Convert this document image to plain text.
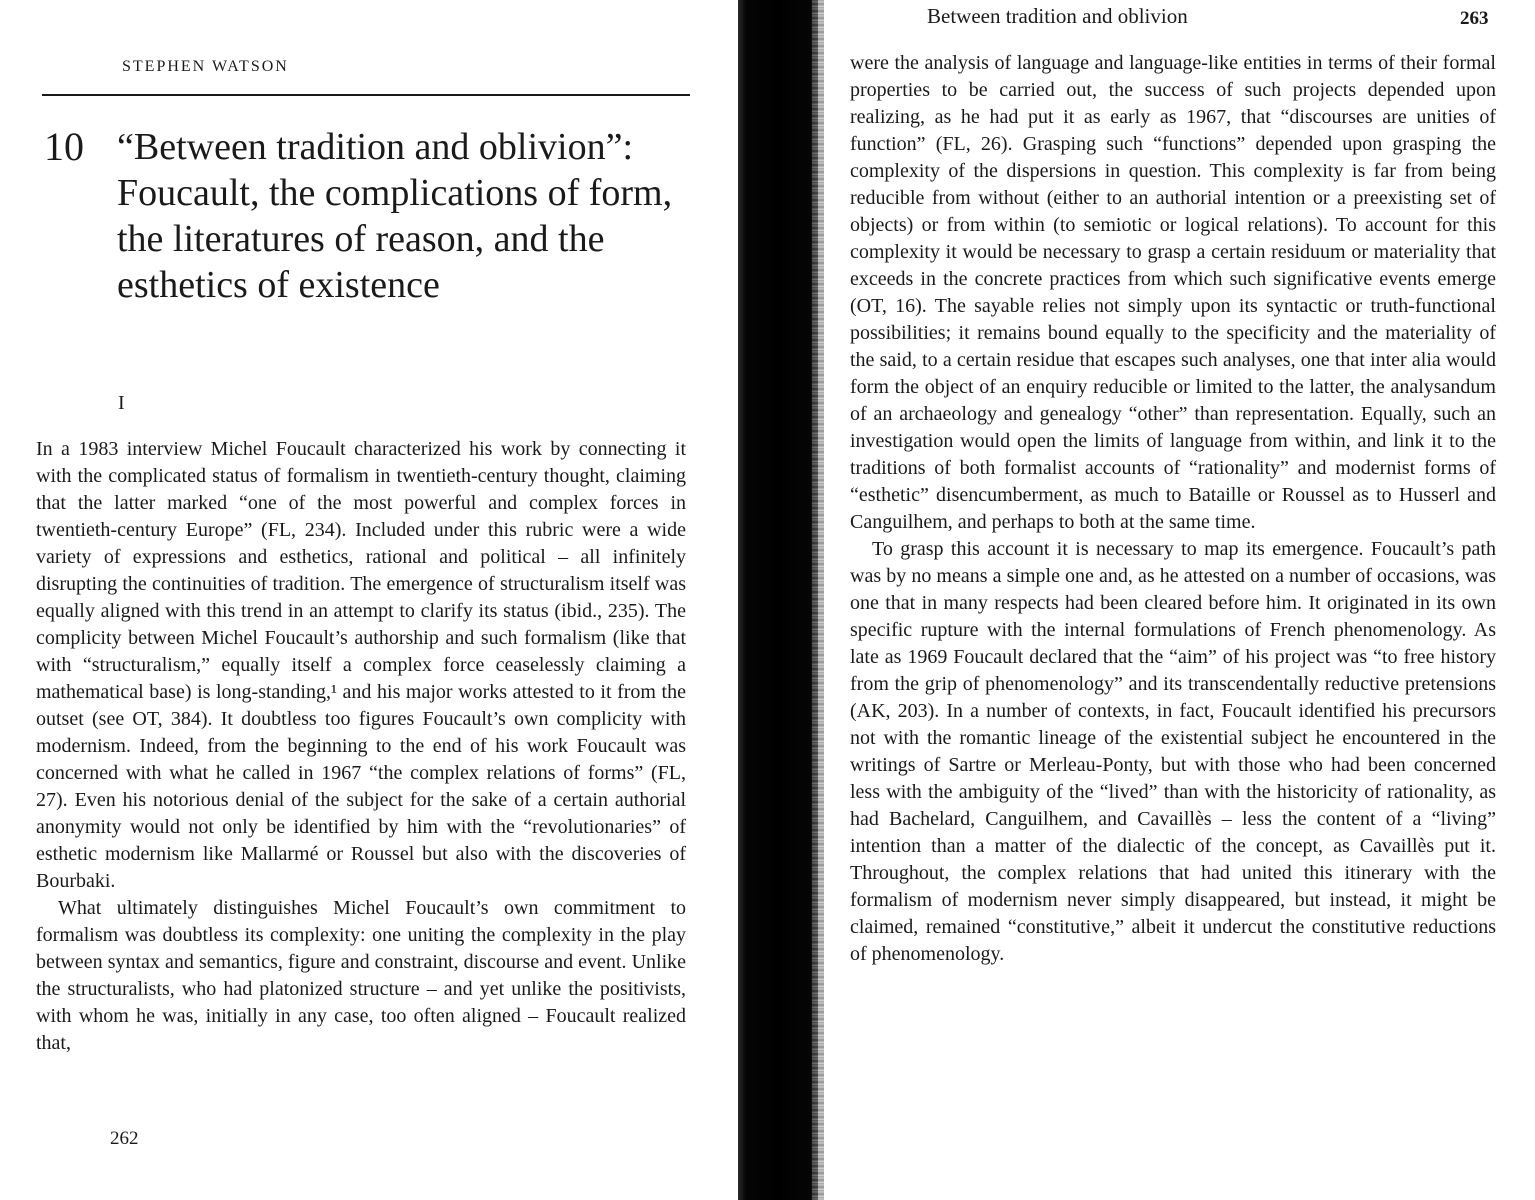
STEPHEN WATSON

10 “Between tradition and oblivion”: Foucault, the complications of form, the literatures of reason, and the esthetics of existence
I

In a 1983 interview Michel Foucault characterized his work by connecting it with the complicated status of formalism in twentieth-century thought, claiming that the latter marked “one of the most powerful and complex forces in twentieth-century Europe” (FL, 234). Included under this rubric were a wide variety of expressions and esthetics, rational and political – all infinitely disrupting the continuities of tradition. The emergence of structuralism itself was equally aligned with this trend in an attempt to clarify its status (ibid., 235). The complicity between Michel Foucault’s authorship and such formalism (like that with “structuralism,” equally itself a complex force ceaselessly claiming a mathematical base) is long-standing,¹ and his major works attested to it from the outset (see OT, 384). It doubtless too figures Foucault’s own complicity with modernism. Indeed, from the beginning to the end of his work Foucault was concerned with what he called in 1967 “the complex relations of forms” (FL, 27). Even his notorious denial of the subject for the sake of a certain authorial anonymity would not only be identified by him with the “revolutionaries” of esthetic modernism like Mallarmé or Roussel but also with the discoveries of Bourbaki.

What ultimately distinguishes Michel Foucault’s own commitment to formalism was doubtless its complexity: one uniting the complexity in the play between syntax and semantics, figure and constraint, discourse and event. Unlike the structuralists, who had platonized structure – and yet unlike the positivists, with whom he was, initially in any case, too often aligned – Foucault realized that,

262
Between tradition and oblivion	263

were the analysis of language and language-like entities in terms of their formal properties to be carried out, the success of such projects depended upon realizing, as he had put it as early as 1967, that “discourses are unities of function” (FL, 26). Grasping such “functions” depended upon grasping the complexity of the dispersions in question. This complexity is far from being reducible from without (either to an authorial intention or a preexisting set of objects) or from within (to semiotic or logical relations). To account for this complexity it would be necessary to grasp a certain residuum or materiality that exceeds in the concrete practices from which such significative events emerge (OT, 16). The sayable relies not simply upon its syntactic or truth-functional possibilities; it remains bound equally to the specificity and the materiality of the said, to a certain residue that escapes such analyses, one that inter alia would form the object of an enquiry reducible or limited to the latter, the analysandum of an archaeology and genealogy “other” than representation. Equally, such an investigation would open the limits of language from within, and link it to the traditions of both formalist accounts of “rationality” and modernist forms of “esthetic” disencumberment, as much to Bataille or Roussel as to Husserl and Canguilhem, and perhaps to both at the same time.

To grasp this account it is necessary to map its emergence. Foucault’s path was by no means a simple one and, as he attested on a number of occasions, was one that in many respects had been cleared before him. It originated in its own specific rupture with the internal formulations of French phenomenology. As late as 1969 Foucault declared that the “aim” of his project was “to free history from the grip of phenomenology” and its transcendentally reductive pretensions (AK, 203). In a number of contexts, in fact, Foucault identified his precursors not with the romantic lineage of the existential subject he encountered in the writings of Sartre or Merleau-Ponty, but with those who had been concerned less with the ambiguity of the “lived” than with the historicity of rationality, as had Bachelard, Canguilhem, and Cavaillès – less the content of a “living” intention than a matter of the dialectic of the concept, as Cavaillès put it. Throughout, the complex relations that had united this itinerary with the formalism of modernism never simply disappeared, but instead, it might be claimed, remained “constitutive,” albeit it undercut the constitutive reductions of phenomenology.
